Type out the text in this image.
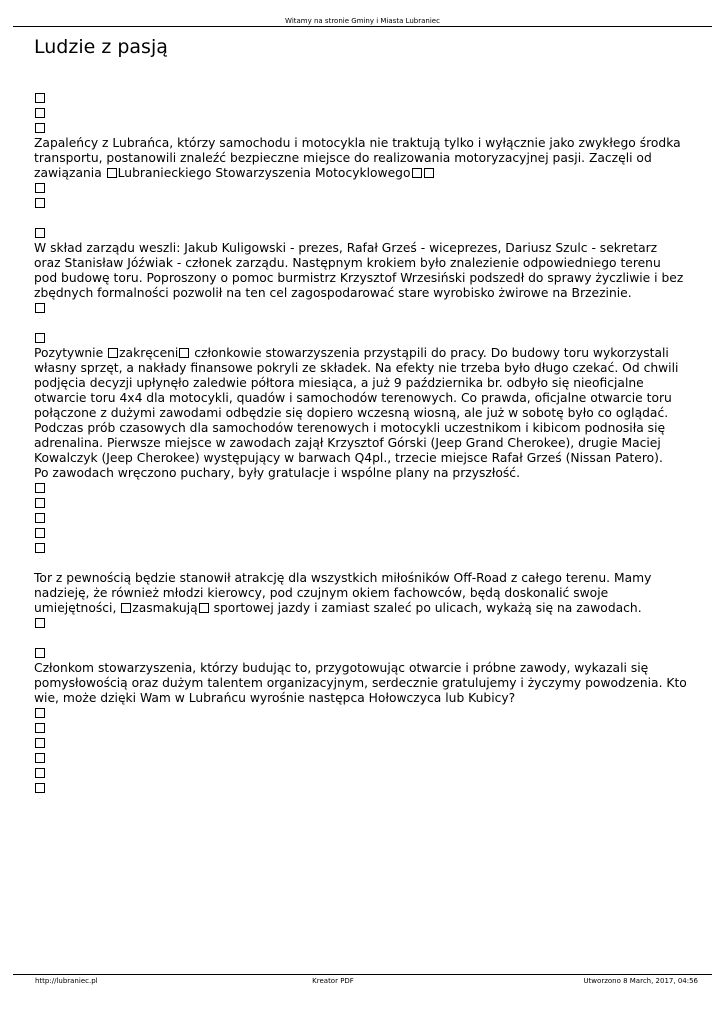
Witamy na stronie Gminy i Miasta Lubraniec
Ludzie z pasją
Zapaleńcy z Lubrańca, którzy samochodu i motocykla nie traktują tylko i wyłącznie jako zwykłego środka
transportu, postanowili znaleźć bezpieczne miejsce do realizowania motoryzacyjnej pasji. Zaczęli od
zawiązania Lubranieckiego Stowarzyszenia Motocyklowego
W skład zarządu weszli: Jakub Kuligowski - prezes, Rafał Grześ - wiceprezes, Dariusz Szulc - sekretarz
oraz Stanisław Jóźwiak - członek zarządu. Następnym krokiem było znalezienie odpowiedniego terenu
pod budowę toru. Poproszony o pomoc burmistrz Krzysztof Wrzesiński podszedł do sprawy życzliwie i bez
zbędnych formalności pozwolił na ten cel zagospodarować stare wyrobisko żwirowe na Brzezinie.
Pozytywnie zakręceni członkowie stowarzyszenia przystąpili do pracy. Do budowy toru wykorzystali
własny sprzęt, a nakłady finansowe pokryli ze składek. Na efekty nie trzeba było długo czekać. Od chwili
podjęcia decyzji upłynęło zaledwie półtora miesiąca, a już 9 października br. odbyło się nieoficjalne
otwarcie toru 4x4 dla motocykli, quadów i samochodów terenowych. Co prawda, oficjalne otwarcie toru
połączone z dużymi zawodami odbędzie się dopiero wczesną wiosną, ale już w sobotę było co oglądać.
Podczas prób czasowych dla samochodów terenowych i motocykli uczestnikom i kibicom podnosiła się
adrenalina. Pierwsze miejsce w zawodach zajął Krzysztof Górski (Jeep Grand Cherokee), drugie Maciej
Kowalczyk (Jeep Cherokee) występujący w barwach Q4pl., trzecie miejsce Rafał Grześ (Nissan Patero).
Po zawodach wręczono puchary, były gratulacje i wspólne plany na przyszłość.
Tor z pewnością będzie stanowił atrakcję dla wszystkich miłośników Off-Road z całego terenu. Mamy
nadzieję, że również młodzi kierowcy, pod czujnym okiem fachowców, będą doskonalić swoje
umiejętności, zasmakują sportowej jazdy i zamiast szaleć po ulicach, wykażą się na zawodach.
Członkom stowarzyszenia, którzy budując to, przygotowując otwarcie i próbne zawody, wykazali się
pomysłowością oraz dużym talentem organizacyjnym, serdecznie gratulujemy i życzymy powodzenia. Kto
wie, może dzięki Wam w Lubrańcu wyrośnie następca Hołowczyca lub Kubicy?
http://lubraniec.pl	Kreator PDF	Utworzono 8 March, 2017, 04:56
